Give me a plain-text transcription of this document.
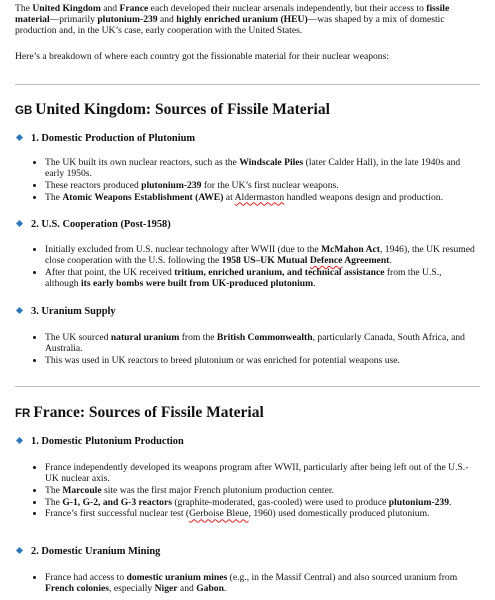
The United Kingdom and France each developed their nuclear arsenals independently, but their access to fissile material—primarily plutonium-239 and highly enriched uranium (HEU)—was shaped by a mix of domestic production and, in the UK’s case, early cooperation with the United States.

Here’s a breakdown of where each country got the fissionable material for their nuclear weapons:

GB United Kingdom: Sources of Fissile Material
1. Domestic Production of Plutonium
The UK built its own nuclear reactors, such as the Windscale Piles (later Calder Hall), in the late 1940s and early 1950s.
These reactors produced plutonium-239 for the UK’s first nuclear weapons.
The Atomic Weapons Establishment (AWE) at Aldermaston handled weapons design and production.
2. U.S. Cooperation (Post-1958)
Initially excluded from U.S. nuclear technology after WWII (due to the McMahon Act, 1946), the UK resumed close cooperation with the U.S. following the 1958 US–UK Mutual Defence Agreement.
After that point, the UK received tritium, enriched uranium, and technical assistance from the U.S., although its early bombs were built from UK-produced plutonium.
3. Uranium Supply
The UK sourced natural uranium from the British Commonwealth, particularly Canada, South Africa, and Australia.
This was used in UK reactors to breed plutonium or was enriched for potential weapons use.
FR France: Sources of Fissile Material
1. Domestic Plutonium Production
France independently developed its weapons program after WWII, particularly after being left out of the U.S.-UK nuclear axis.
The Marcoule site was the first major French plutonium production center.
The G-1, G-2, and G-3 reactors (graphite-moderated, gas-cooled) were used to produce plutonium-239.
France’s first successful nuclear test (Gerboise Bleue, 1960) used domestically produced plutonium.
2. Domestic Uranium Mining
France had access to domestic uranium mines (e.g., in the Massif Central) and also sourced uranium from French colonies, especially Niger and Gabon.
